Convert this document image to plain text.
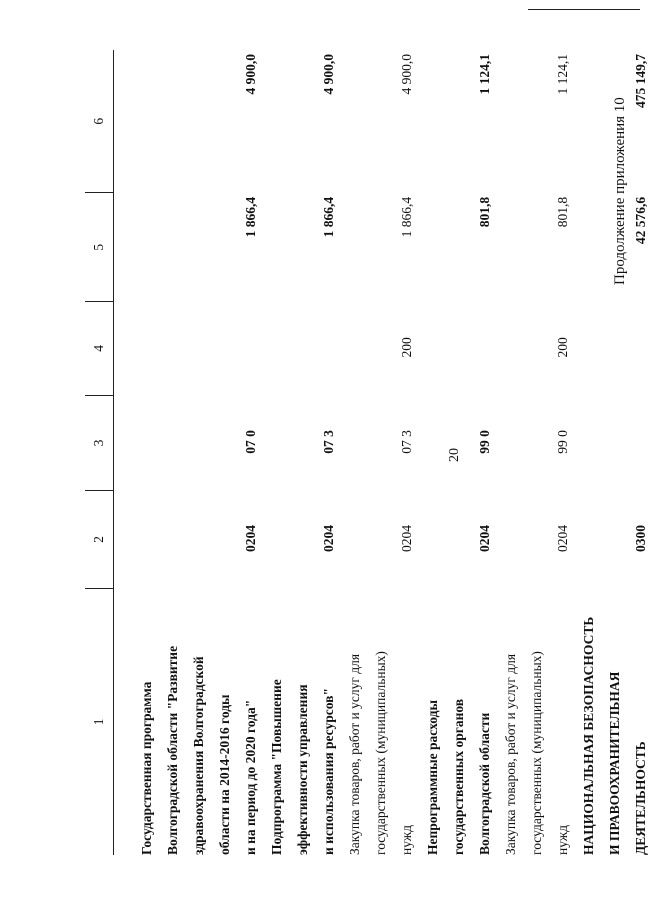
20
Продолжение приложения 10
1	2	3	4	5	6

Государственная программа Волгоградской области "Развитие здравоохранения Волгоградской области на 2014-2016 годы и на период до 2020 года"	0204	07 0		1 866,4	4 900,0

Подпрограмма "Повышение эффективности управления и использования ресурсов"	0204	07 3		1 866,4	4 900,0

Закупка товаров, работ и услуг для государственных (муниципальных) нужд	0204	07 3	200	1 866,4	4 900,0

Непрограммные расходы государственных органов Волгоградской области	0204	99 0		801,8	1 124,1

Закупка товаров, работ и услуг для государственных (муниципальных) нужд	0204	99 0	200	801,8	1 124,1

НАЦИОНАЛЬНАЯ БЕЗОПАСНОСТЬ И ПРАВООХРАНИТЕЛЬНАЯ ДЕЯТЕЛЬНОСТЬ	0300			42 576,6	475 149,7
